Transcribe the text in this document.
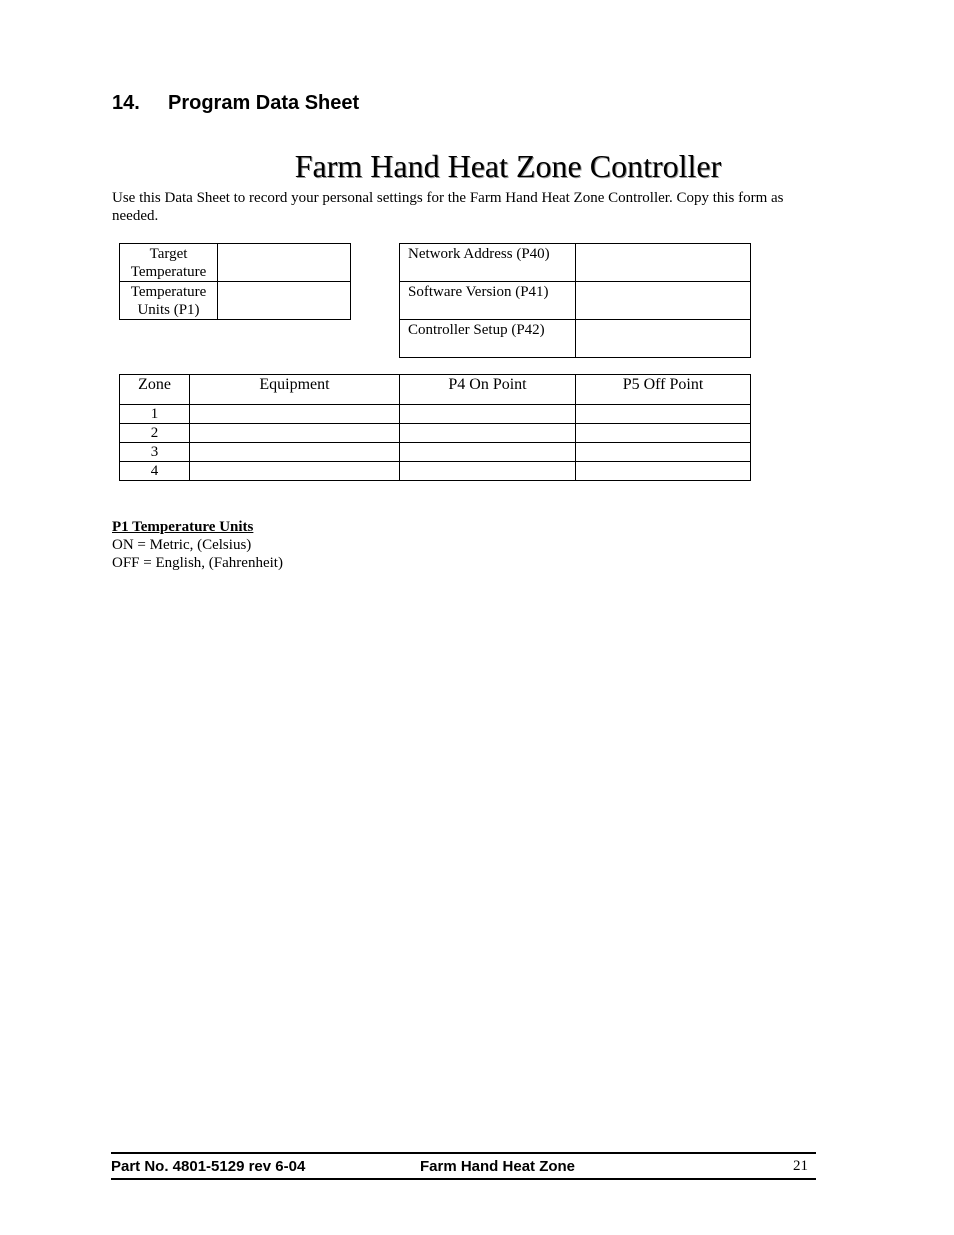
14. Program Data Sheet
Farm Hand Heat Zone Controller
Use this Data Sheet to record your personal settings for the Farm Hand Heat Zone Controller. Copy this form as needed.
Target
Temperature	

Temperature
Units (P1)	

Network Address (P40)	
Software Version (P41)	
Controller Setup (P42)	
Zone	Equipment	P4 On Point	P5 Off Point
1			
2			
3			
4			
P1 Temperature Units
ON = Metric, (Celsius)
OFF = English, (Fahrenheit)
Part No. 4801-5129 rev 6-04	Farm Hand Heat Zone	21
